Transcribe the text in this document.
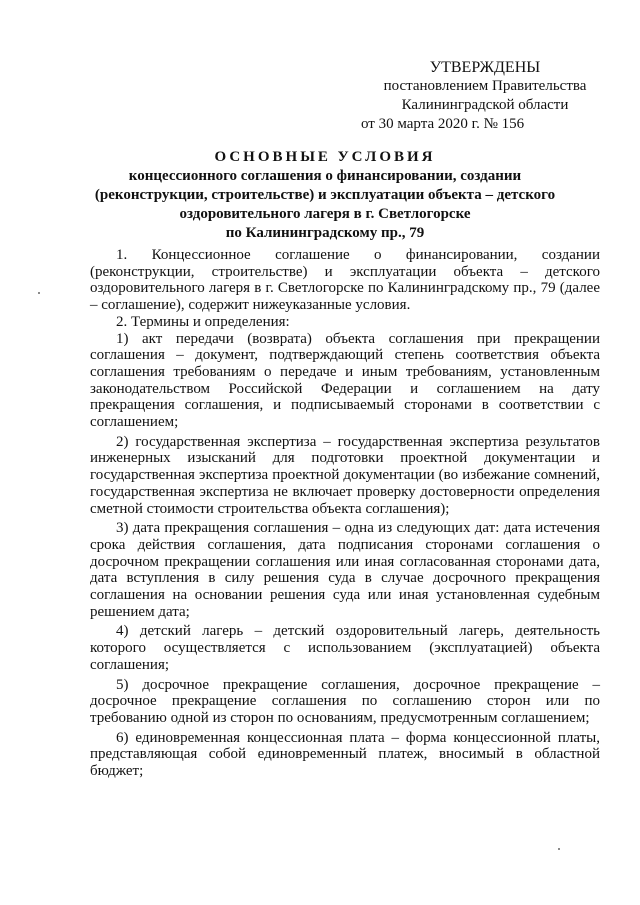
УТВЕРЖДЕНЫ
постановлением Правительства
Калининградской области
от 30 марта 2020 г. № 156
ОСНОВНЫЕ УСЛОВИЯ
концессионного соглашения о финансировании, создании
(реконструкции, строительстве) и эксплуатации объекта – детского
оздоровительного лагеря в г. Светлогорске
по Калининградскому пр., 79

1. Концессионное соглашение о финансировании, создании (реконструкции, строительстве) и эксплуатации объекта – детского оздоровительного лагеря в г. Светлогорске по Калининградскому пр., 79 (далее – соглашение), содержит нижеуказанные условия.

2. Термины и определения:

1) акт передачи (возврата) объекта соглашения при прекращении соглашения – документ, подтверждающий степень соответствия объекта соглашения требованиям о передаче и иным требованиям, установленным законодательством Российской Федерации и соглашением на дату прекращения соглашения, и подписываемый сторонами в соответствии с соглашением;

2) государственная экспертиза – государственная экспертиза результатов инженерных изысканий для подготовки проектной документации и государственная экспертиза проектной документации (во избежание сомнений, государственная экспертиза не включает проверку достоверности определения сметной стоимости строительства объекта соглашения);

3) дата прекращения соглашения – одна из следующих дат: дата истечения срока действия соглашения, дата подписания сторонами соглашения о досрочном прекращении соглашения или иная согласованная сторонами дата, дата вступления в силу решения суда в случае досрочного прекращения соглашения на основании решения суда или иная установленная судебным решением дата;

4) детский лагерь – детский оздоровительный лагерь, деятельность которого осуществляется с использованием (эксплуатацией) объекта соглашения;

5) досрочное прекращение соглашения, досрочное прекращение – досрочное прекращение соглашения по соглашению сторон или по требованию одной из сторон по основаниям, предусмотренным соглашением;

6) единовременная концессионная плата – форма концессионной платы, представляющая собой единовременный платеж, вносимый в областной бюджет;
